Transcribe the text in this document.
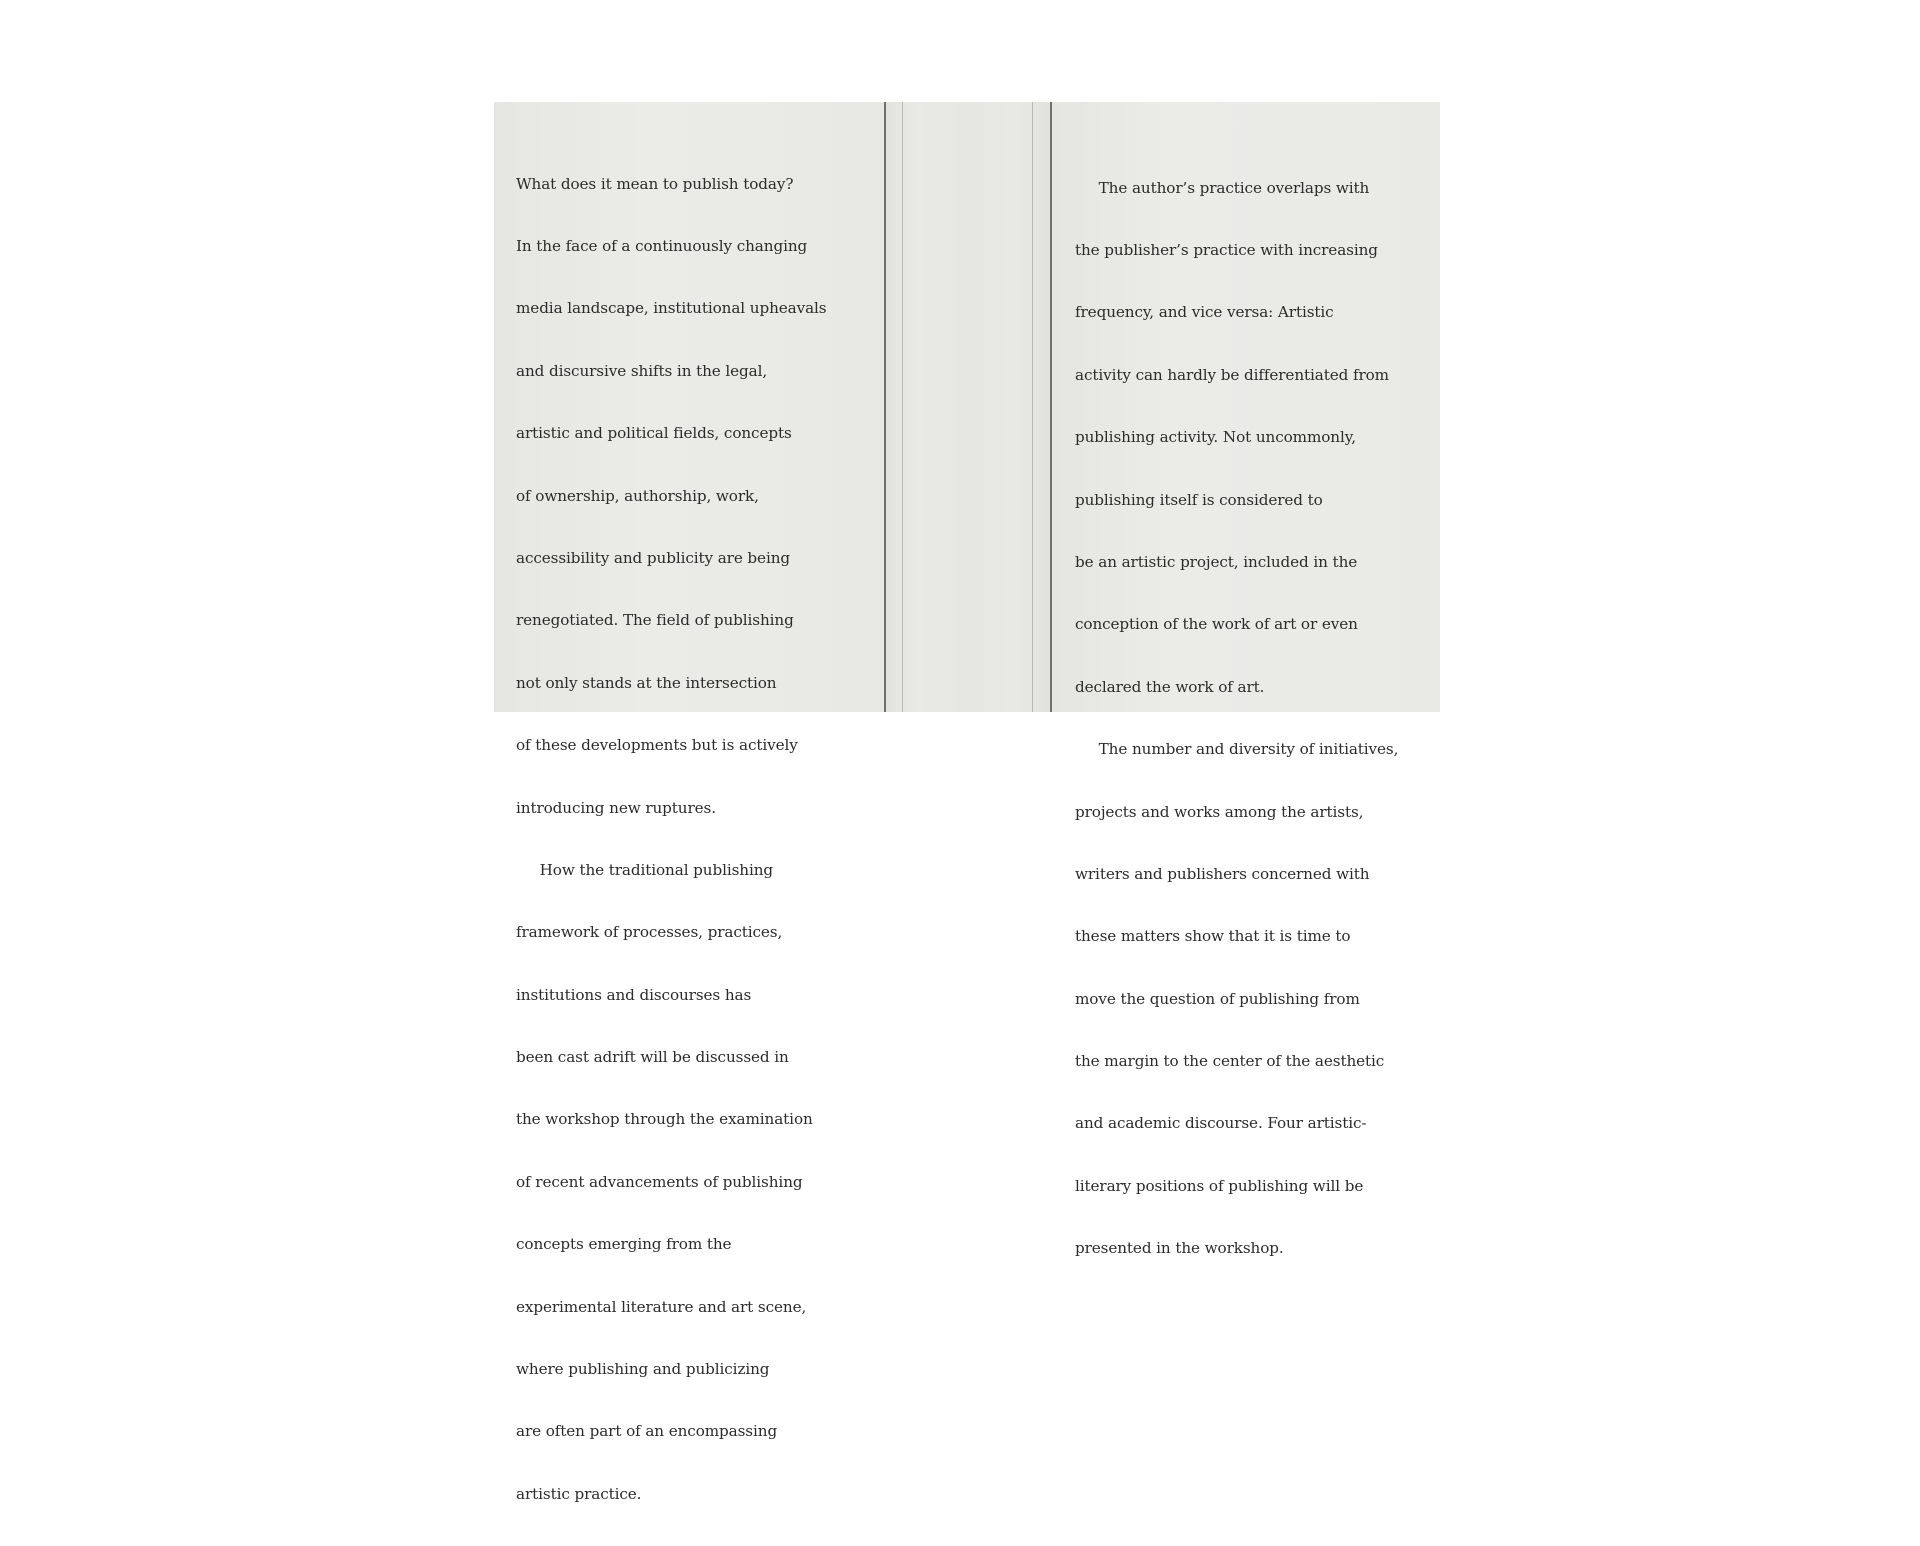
What does it mean to publish today?

In the face of a continuously changing

media landscape, institutional upheavals

and discursive shifts in the legal,

artistic and political fields, concepts

of ownership, authorship, work,

accessibility and publicity are being

renegotiated. The field of publishing

not only stands at the intersection

of these developments but is actively

introducing new ruptures.

How the traditional publishing

framework of processes, practices,

institutions and discourses has

been cast adrift will be discussed in

the workshop through the examination

of recent advancements of publishing

concepts emerging from the

experimental literature and art scene,

where publishing and publicizing

are often part of an encompassing

artistic practice.

The author’s practice overlaps with

the publisher’s practice with increasing

frequency, and vice versa: Artistic

activity can hardly be differentiated from

publishing activity. Not uncommonly,

publishing itself is considered to

be an artistic project, included in the

conception of the work of art or even

declared the work of art.

The number and diversity of initiatives,

projects and works among the artists,

writers and publishers concerned with

these matters show that it is time to

move the question of publishing from

the margin to the center of the aesthetic

and academic discourse. Four artistic-

literary positions of publishing will be

presented in the workshop.
